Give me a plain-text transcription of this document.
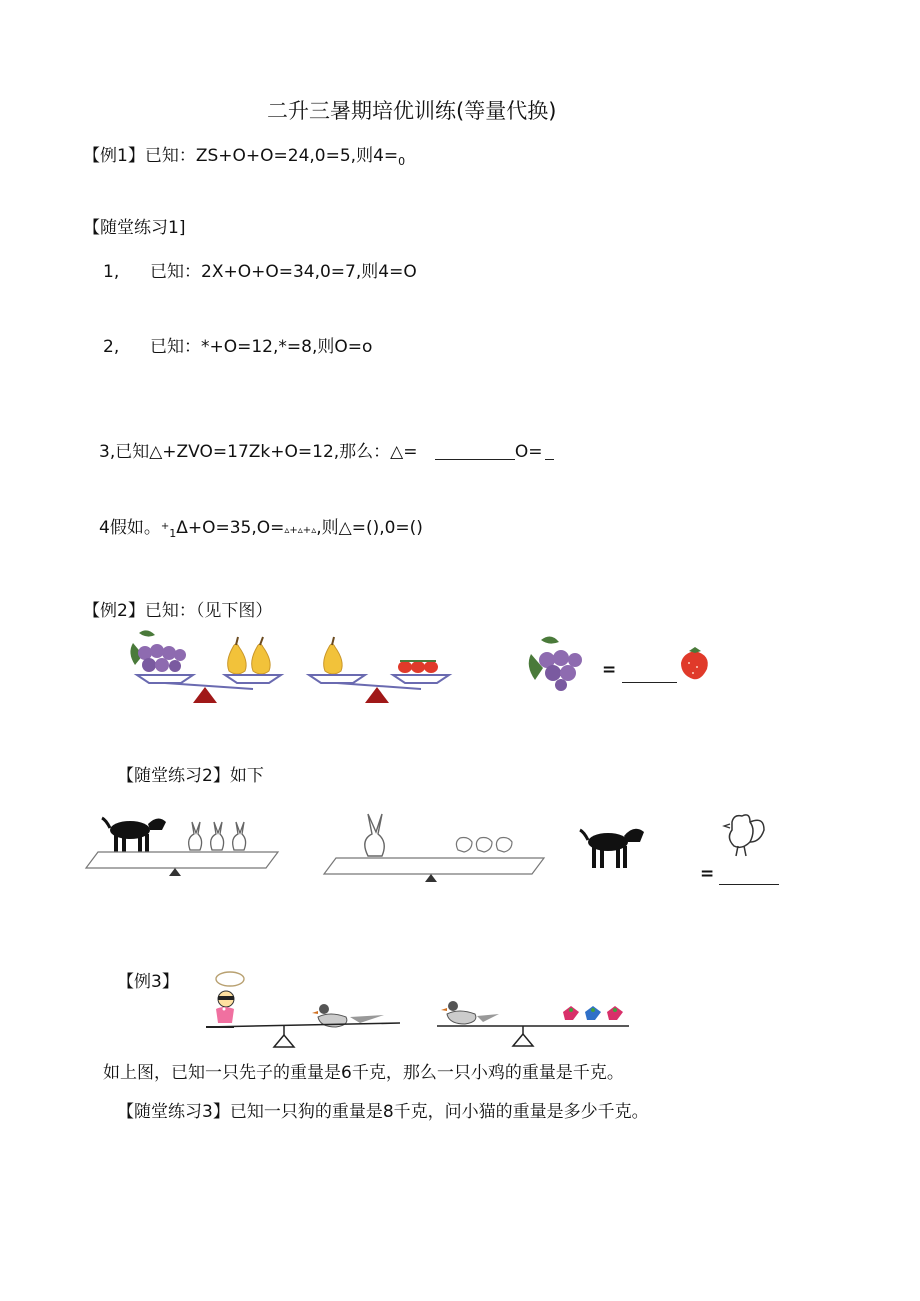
二升三暑期培优训练(等量代换)
【例1】已知：ZS+O+O=24,0=5,则$4=_0$
【随堂练习1]
1, 已知：2X+O+O=34,0=7,则4=O
2, 已知：*+O=12,*=8,则O=o
3,已知△+ZVO=17Zk+O=12,那么：△=	O=
4假如。+$_1$Δ+O=35,O=▵+▵+▵,则△=(),0=()
【例2】已知：（见下图）
=
【随堂练习2】如下
=
【例3】
如上图，已知一只先子的重量是6千克，那么一只小鸡的重量是千克。
【随堂练习3】已知一只狗的重量是8千克，问小猫的重量是多少千克。
